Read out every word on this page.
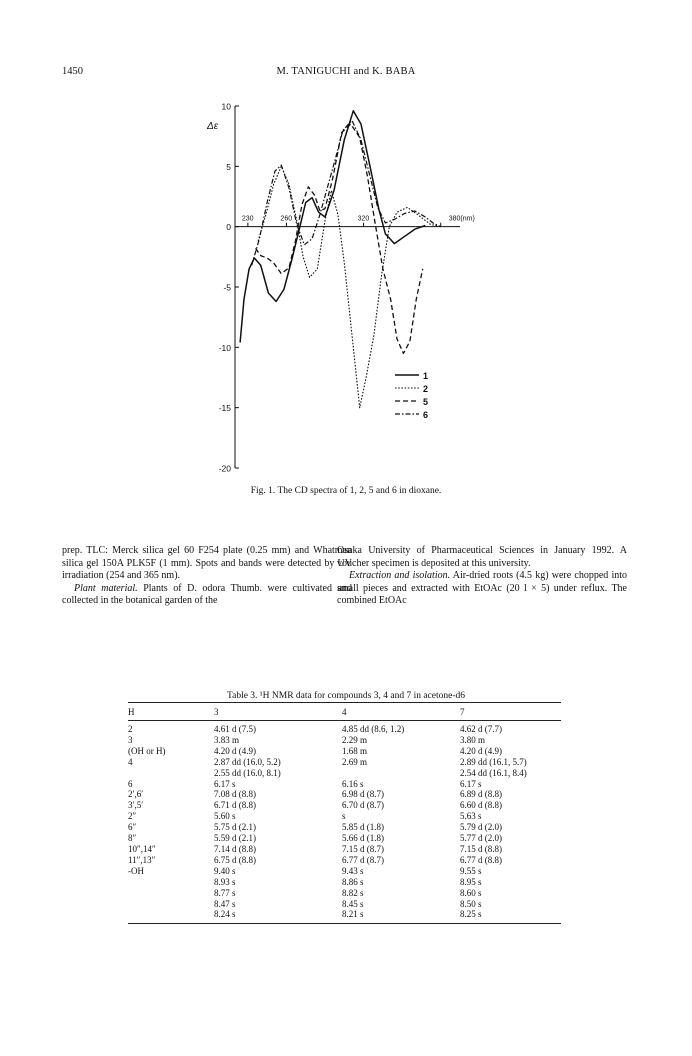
1450	M. TANIGUCHI and K. BABA
10
5
0
-5
-10
-15
-20
230	260	320	380(nm)
Δε
1
2
5
6
Fig. 1. The CD spectra of 1, 2, 5 and 6 in dioxane.

prep. TLC: Merck silica gel 60 F254 plate (0.25 mm) and Whatman silica gel 150A PLK5F (1 mm). Spots and bands were detected by UV irradiation (254 and 365 nm).

Plant material. Plants of D. odora Thumb. were cultivated and collected in the botanical garden of the

Osaka University of Pharmaceutical Sciences in January 1992. A voucher specimen is deposited at this university.

Extraction and isolation. Air-dried roots (4.5 kg) were chopped into small pieces and extracted with EtOAc (20 l × 5) under reflux. The combined EtOAc

Table 3. ¹H NMR data for compounds 3, 4 and 7 in acetone-d6
H	3	4	7
2	4.61 d (7.5)	4.85 dd (8.6, 1.2)	4.62 d (7.7)
3	3.83 m	2.29 m	3.80 m
(OH or H)	4.20 d (4.9)	1.68 m	4.20 d (4.9)
4	2.87 dd (16.0, 5.2)	2.69 m	2.89 dd (16.1, 5.7)
	2.55 dd (16.0, 8.1)		2.54 dd (16.1, 8.4)
6	6.17 s	6.16 s	6.17 s
2′,6′	7.08 d (8.8)	6.98 d (8.7)	6.89 d (8.8)
3′,5′	6.71 d (8.8)	6.70 d (8.7)	6.60 d (8.8)
2″	5.60 s	s	5.63 s
6″	5.75 d (2.1)	5.85 d (1.8)	5.79 d (2.0)
8″	5.59 d (2.1)	5.66 d (1.8)	5.77 d (2.0)
10″,14″	7.14 d (8.8)	7.15 d (8.7)	7.15 d (8.8)
11″,13″	6.75 d (8.8)	6.77 d (8.7)	6.77 d (8.8)
-OH	9.40 s	9.43 s	9.55 s
	8.93 s	8.86 s	8.95 s
	8.77 s	8.82 s	8.60 s
	8.47 s	8.45 s	8.50 s
	8.24 s	8.21 s	8.25 s
